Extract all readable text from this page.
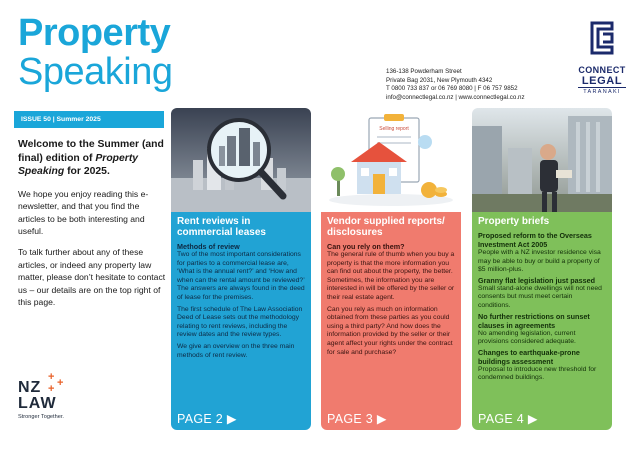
Property
Speaking	136-138 Powderham Street
Private Bag 2031, New Plymouth 4342
T 0800 733 837 or 06 769 8080 | F 06 757 9852
info@connectlegal.co.nz | www.connectlegal.co.nz
CONNECT
LEGAL
TARANAKI
ISSUE 50 | Summer 2025
Welcome to the Summer (and final) edition of Property Speaking for 2025.

We hope you enjoy reading this e-newsletter, and that you find the articles to be both interesting and useful.

To talk further about any of these articles, or indeed any property law matter, please don’t hesitate to contact us – our details are on the top right of this page.

NZ
LAW
Stronger Together.
+ +
+
Rent reviews in commercial leases
Methods of review

Two of the most important considerations for parties to a commercial lease are, ‘What is the annual rent?’ and ‘How and when can the rental amount be reviewed?’ The answers are always found in the deed of lease for the premises.

The first schedule of The Law Association Deed of Lease sets out the methodology relating to rent reviews, including the review dates and the review types.

We give an overview on the three main methods of rent review.

PAGE 2 ▶
Selling report
Vendor supplied reports/ disclosures
Can you rely on them?

The general rule of thumb when you buy a property is that the more information you can find out about the property, the better. Sometimes, the information you are interested in will be offered by the seller or their real estate agent.

Can you rely as much on information obtained from these parties as you could using a third party? And how does the information provided by the seller or their agent affect your rights under the contract for sale and purchase?

PAGE 3 ▶
Property briefs
Proposed reform to the Overseas Investment Act 2005

People with a NZ investor residence visa may be able to buy or build a property of $5 million-plus.

Granny flat legislation just passed

Small stand-alone dwellings will not need consents but must meet certain conditions.

No further restrictions on sunset clauses in agreements

No amending legislation, current provisions considered adequate.

Changes to earthquake-prone buildings assessment

Proposal to introduce new threshold for condemned buildings.

PAGE 4 ▶
